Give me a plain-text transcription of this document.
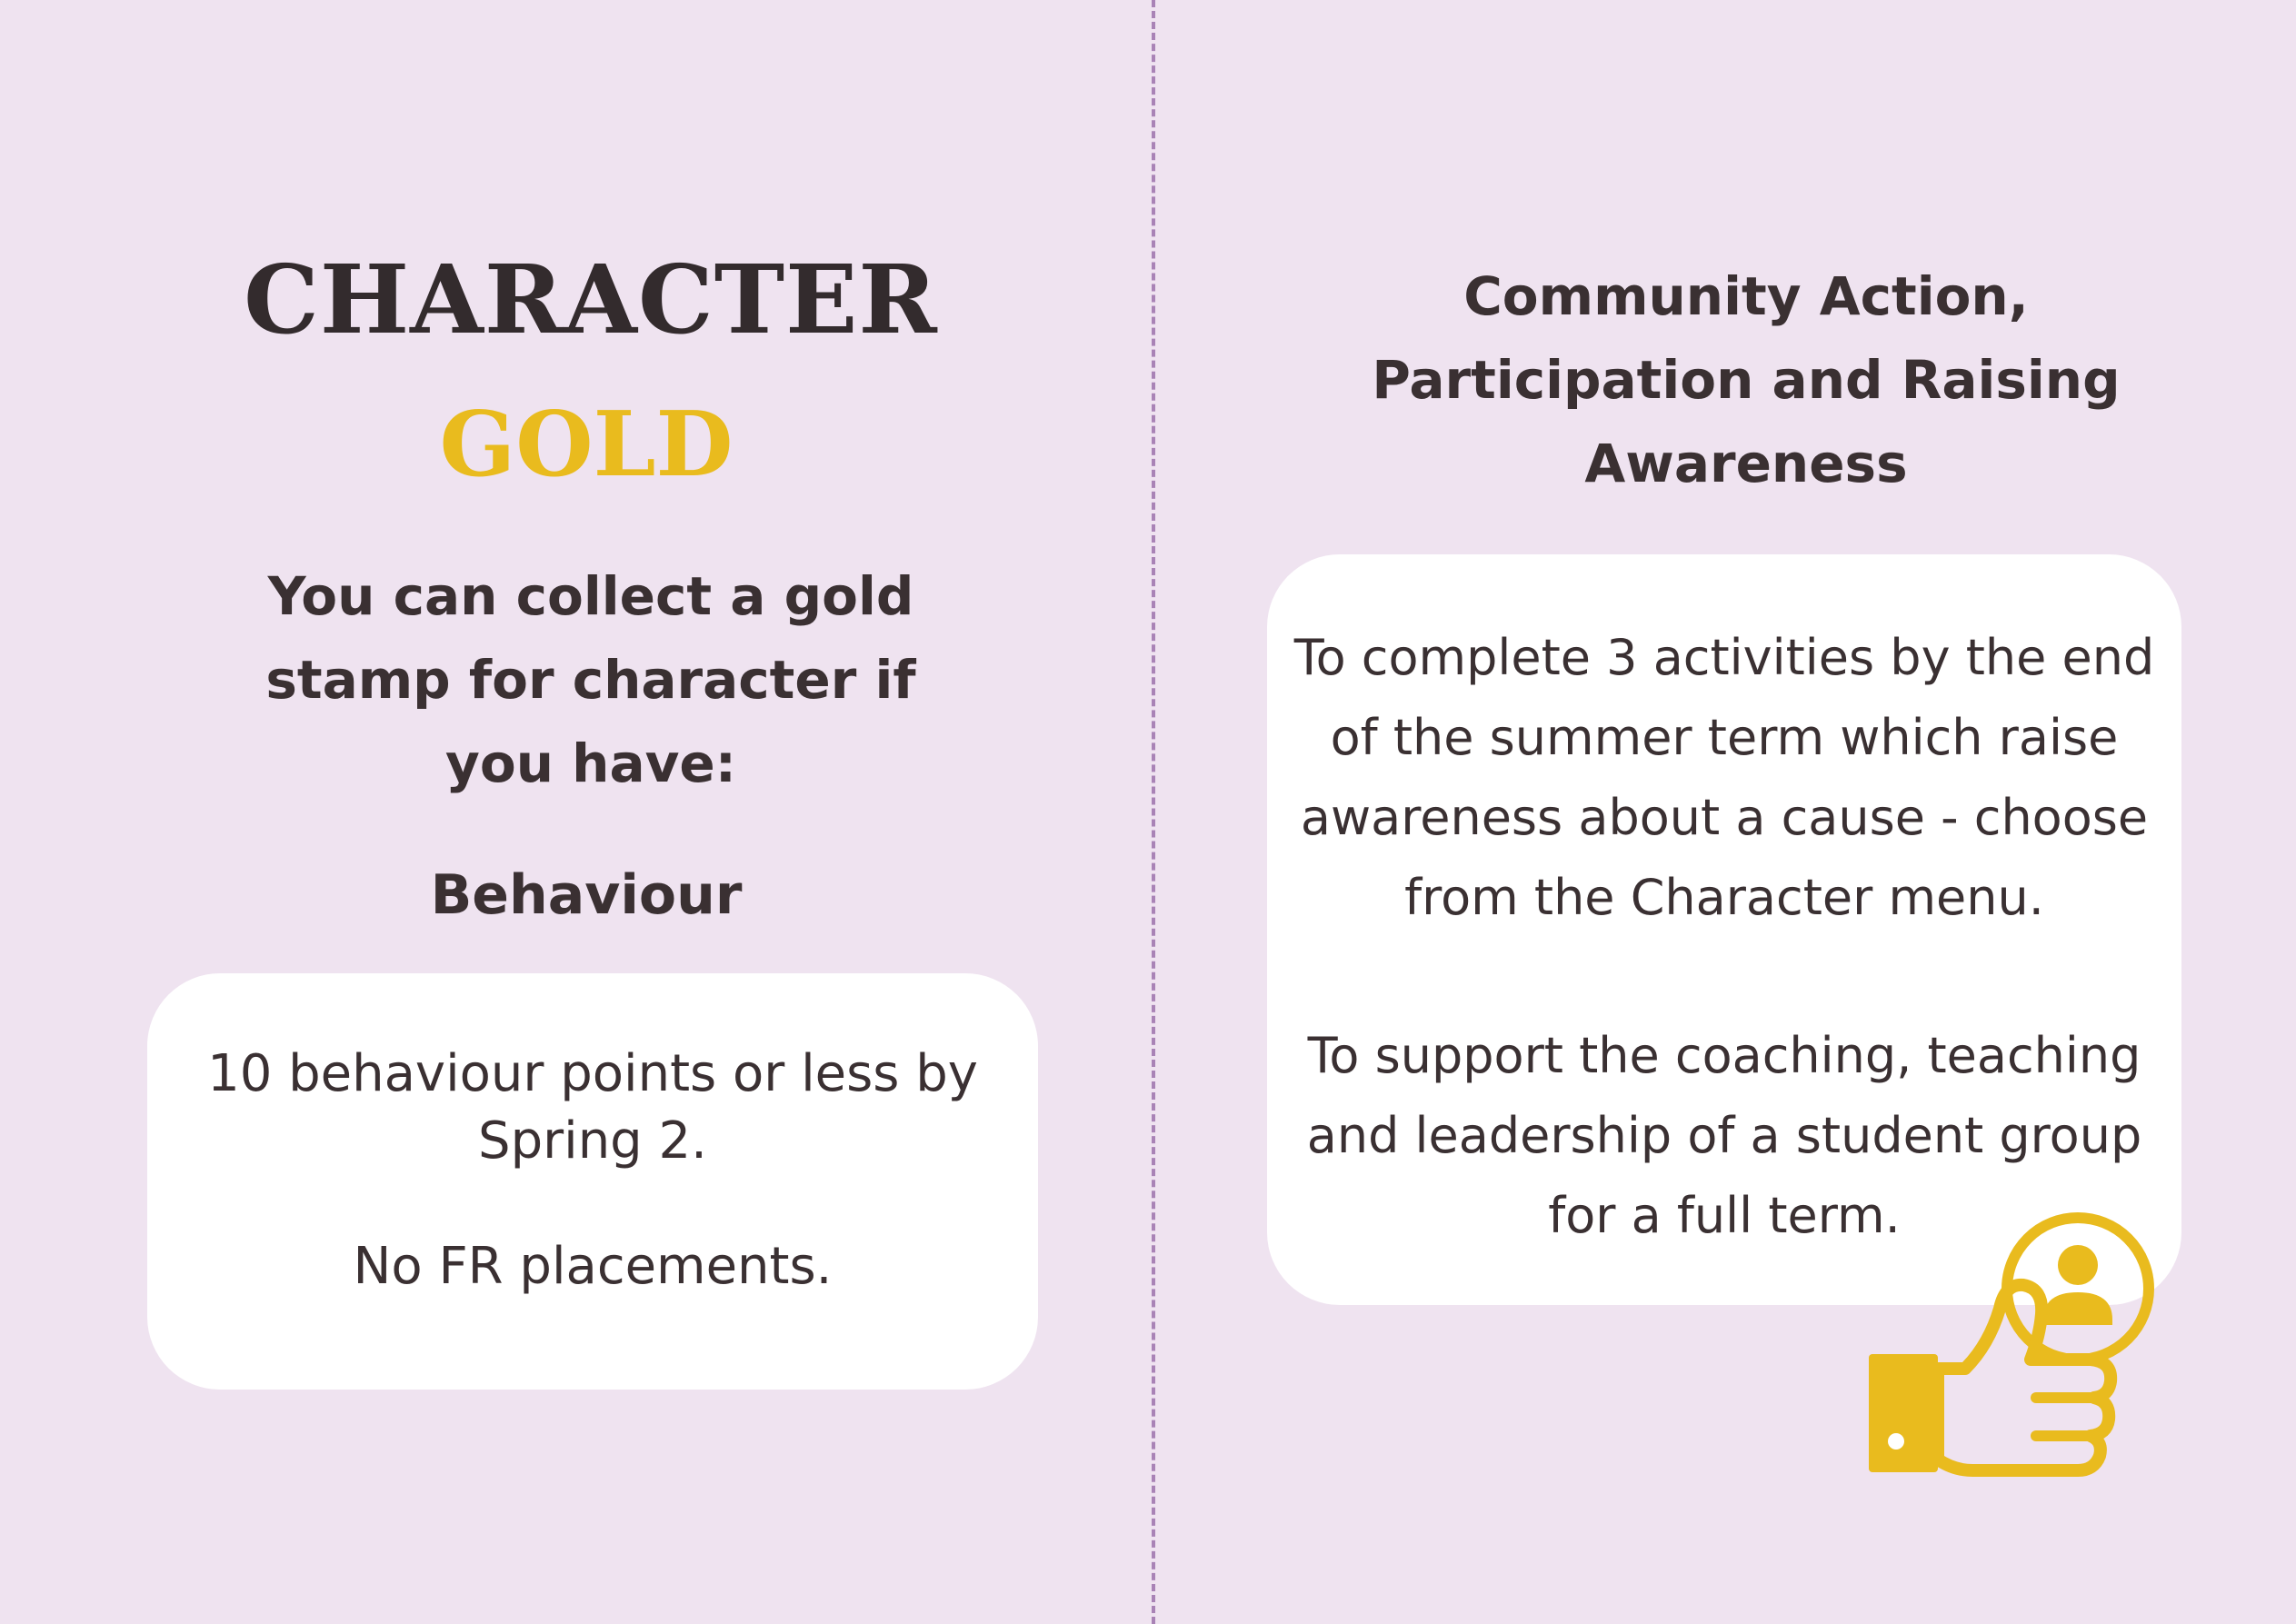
CHARACTER
GOLD
You can collect a gold stamp for character if you have:
Behaviour
10 behaviour points or less by Spring 2.
No FR placements.
Community Action, Participation and Raising Awareness
To complete 3 activities by the end of the summer term which raise awareness about a cause - choose from the Character menu.
To support the coaching, teaching and leadership of a student group for a full term.
